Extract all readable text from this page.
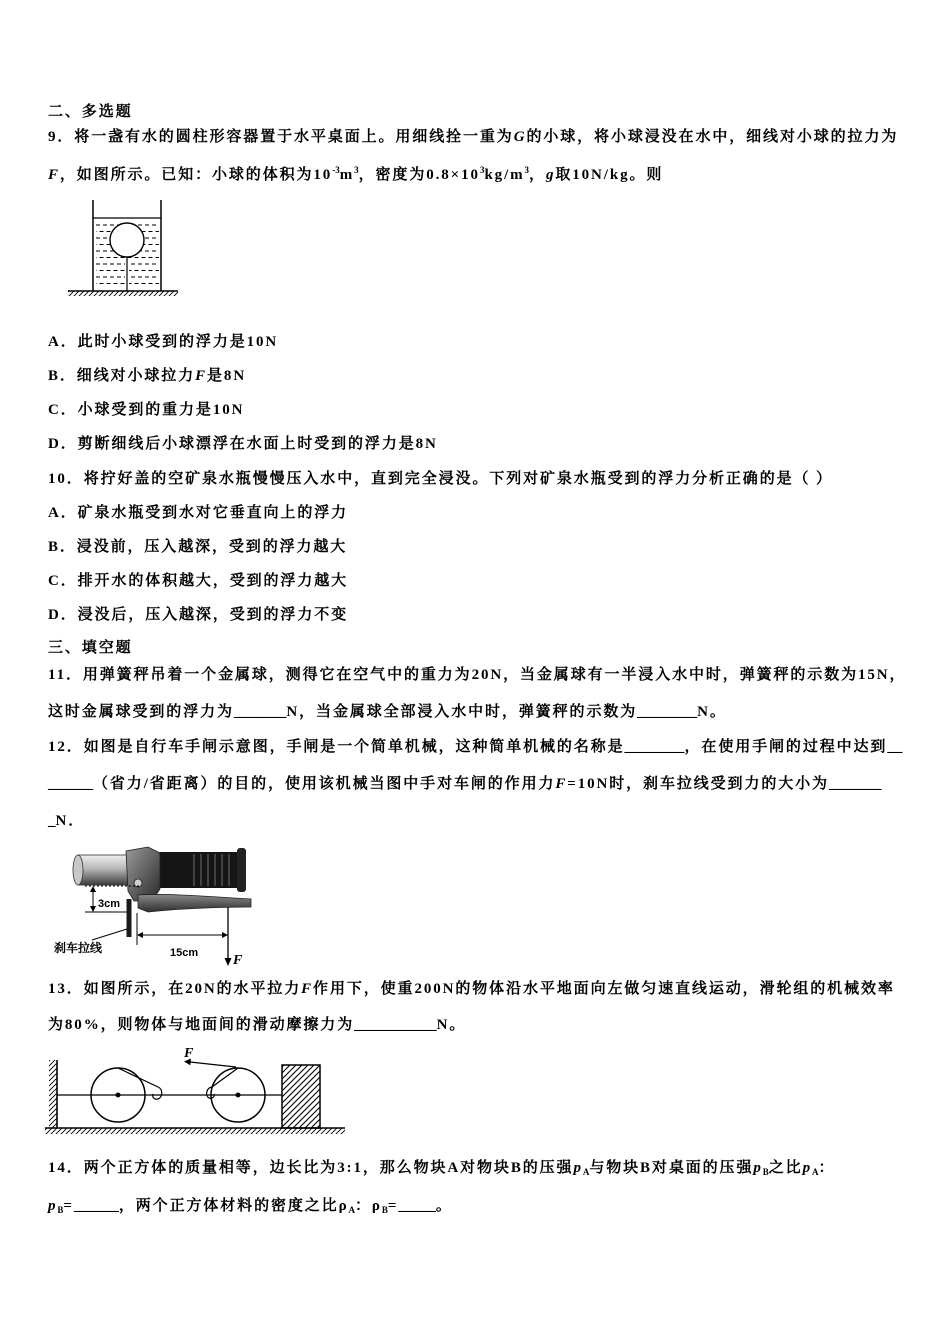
二、多选题
9．将一盏有水的圆柱形容器置于水平桌面上。用细线拴一重为 G 的小球，将小球浸没在水中，细线对小球的拉力为
F ，如图所示。已知：小球的体积为10 -3 m 3 ，密度为0.8×10 3 kg/m 3 ， g 取10N/kg。则
A．此时小球受到的浮力是10N
B．细线对小球拉力 F 是8N
C．小球受到的重力是10N
D．剪断细线后小球漂浮在水面上时受到的浮力是8N
10．将拧好盖的空矿泉水瓶慢慢压入水中，直到完全浸没。下列对矿泉水瓶受到的浮力分析正确的是（ ）
A．矿泉水瓶受到水对它垂直向上的浮力
B．浸没前，压入越深，受到的浮力越大
C．排开水的体积越大，受到的浮力越大
D．浸没后，压入越深，受到的浮力不变
三、填空题
11．用弹簧秤吊着一个金属球，测得它在空气中的重力为20N，当金属球有一半浸入水中时，弹簧秤的示数为15N，
这时金属球受到的浮力为 _______ N，当金属球全部浸入水中时，弹簧秤的示数为 ________ N。
12．如图是自行车手闸示意图，手闸是一个简单机械，这种简单机械的名称是 ________ ，在使用手闸的过程中达到 __
______ （省力/省距离）的目的，使用该机械当图中手对车闸的作用力 F =10N时，刹车拉线受到力的大小为 _______
_ N．
3cm
刹车拉线	15cm F
13．如图所示，在20N的水平拉力 F 作用下，使重200N的物体沿水平地面向左做匀速直线运动，滑轮组的机械效率
为80%，则物体与地面间的滑动摩擦力为 ___________ N。
F
14．两个正方体的质量相等，边长比为3:1，那么物块A对物块B的压强 p A 与物块B对桌面的压强 p B 之比 p A ：
p B = ______ ，两个正方体材料的密度之比ρ A ：ρ B = _____ 。
